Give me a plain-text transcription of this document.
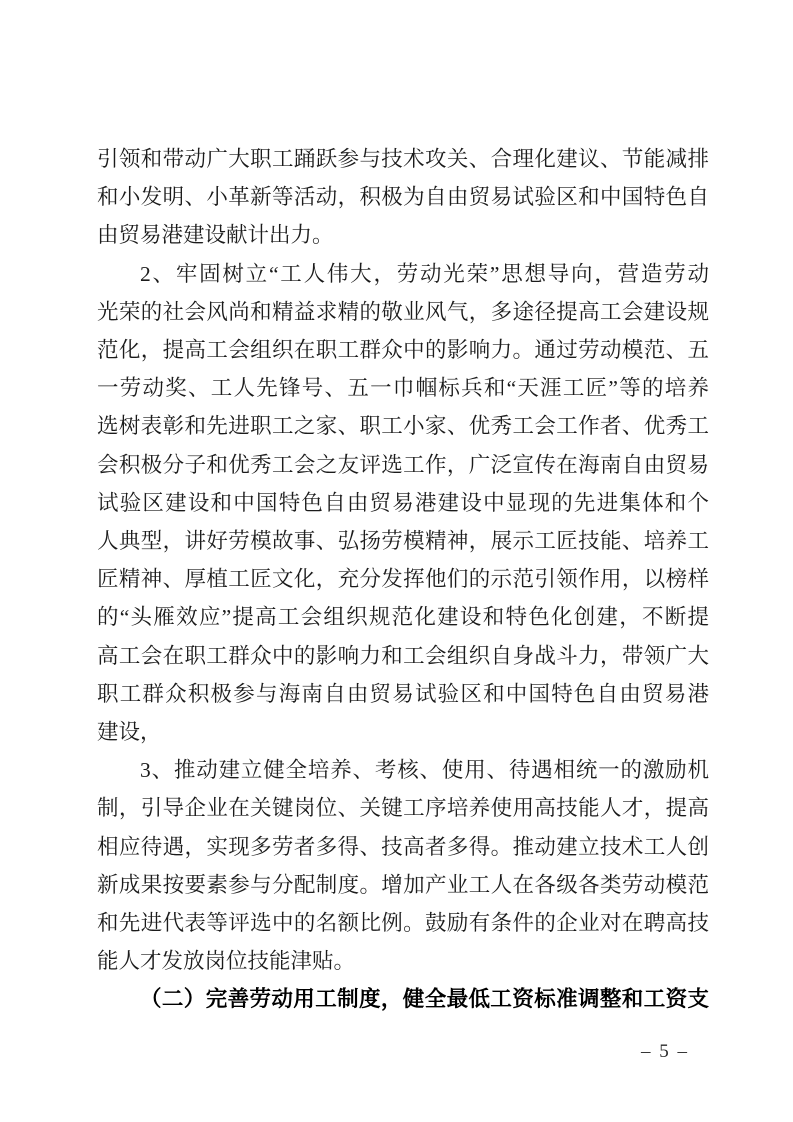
引领和带动广大职工踊跃参与技术攻关、合理化建议、节能减排
和小发明、小革新等活动，积极为自由贸易试验区和中国特色自
由贸易港建设献计出力。
2、牢固树立“工人伟大，劳动光荣”思想导向，营造劳动
光荣的社会风尚和精益求精的敬业风气，多途径提高工会建设规
范化，提高工会组织在职工群众中的影响力。通过劳动模范、五
一劳动奖、工人先锋号、五一巾帼标兵和“天涯工匠”等的培养
选树表彰和先进职工之家、职工小家、优秀工会工作者、优秀工
会积极分子和优秀工会之友评选工作，广泛宣传在海南自由贸易
试验区建设和中国特色自由贸易港建设中显现的先进集体和个
人典型，讲好劳模故事、弘扬劳模精神，展示工匠技能、培养工
匠精神、厚植工匠文化，充分发挥他们的示范引领作用，以榜样
的“头雁效应”提高工会组织规范化建设和特色化创建，不断提
高工会在职工群众中的影响力和工会组织自身战斗力，带领广大
职工群众积极参与海南自由贸易试验区和中国特色自由贸易港
建设，
3、推动建立健全培养、考核、使用、待遇相统一的激励机
制，引导企业在关键岗位、关键工序培养使用高技能人才，提高
相应待遇，实现多劳者多得、技高者多得。推动建立技术工人创
新成果按要素参与分配制度。增加产业工人在各级各类劳动模范
和先进代表等评选中的名额比例。鼓励有条件的企业对在聘高技
能人才发放岗位技能津贴。
（二）完善劳动用工制度，健全最低工资标准调整和工资支
– 5 –
